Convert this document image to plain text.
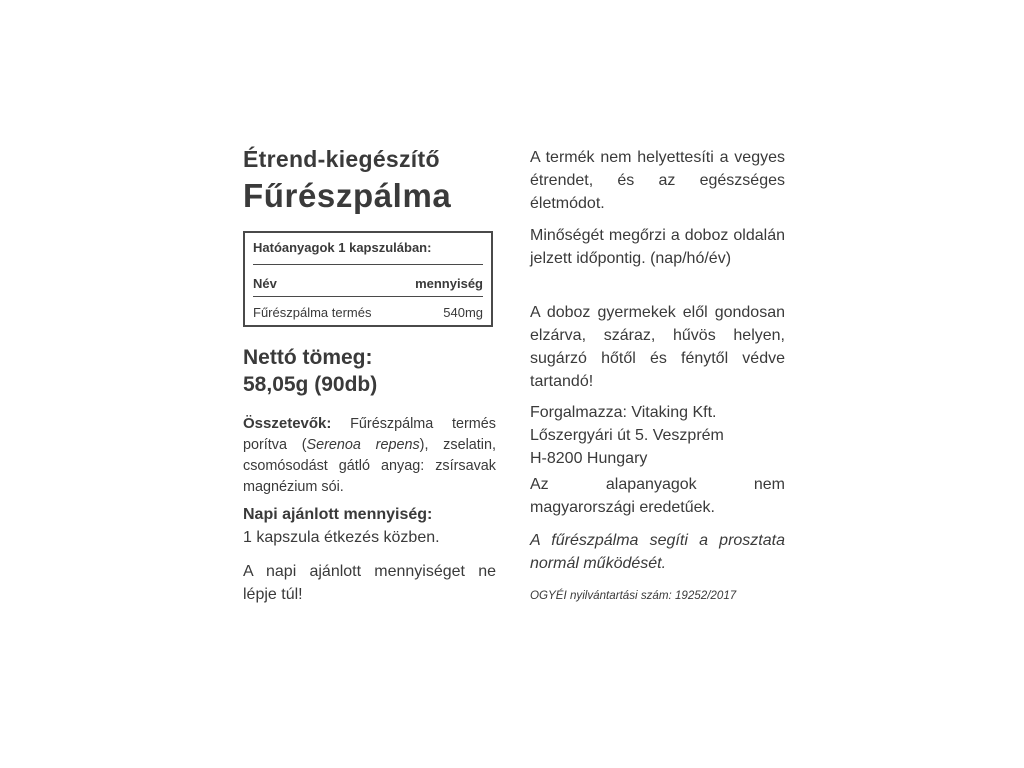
Étrend-kiegészítő
Fűrészpálma
Hatóanyagok 1 kapszulában:
Név	mennyiség
Fűrészpálma termés	540mg
Nettó tömeg:
58,05g (90db)
Összetevők: Fűrészpálma termés porítva (Serenoa repens), zselatin, csomósodást gátló anyag: zsírsavak magnézium sói.
Napi ajánlott mennyiség:
1 kapszula étkezés közben.
A napi ajánlott mennyiséget ne lépje túl!
A termék nem helyettesíti a vegyes étrendet, és az egészséges életmódot.
Minőségét megőrzi a doboz oldalán jelzett időpontig. (nap/hó/év)
A doboz gyermekek elől gondosan elzárva, száraz, hűvös helyen, sugárzó hőtől és fénytől védve tartandó!
Forgalmazza: Vitaking Kft.
Lőszergyári út 5. Veszprém
H-8200 Hungary
Az alapanyagok nem magyarországi eredetűek.
A fűrészpálma segíti a prosztata normál működését.
OGYÉI nyilvántartási szám: 19252/2017
